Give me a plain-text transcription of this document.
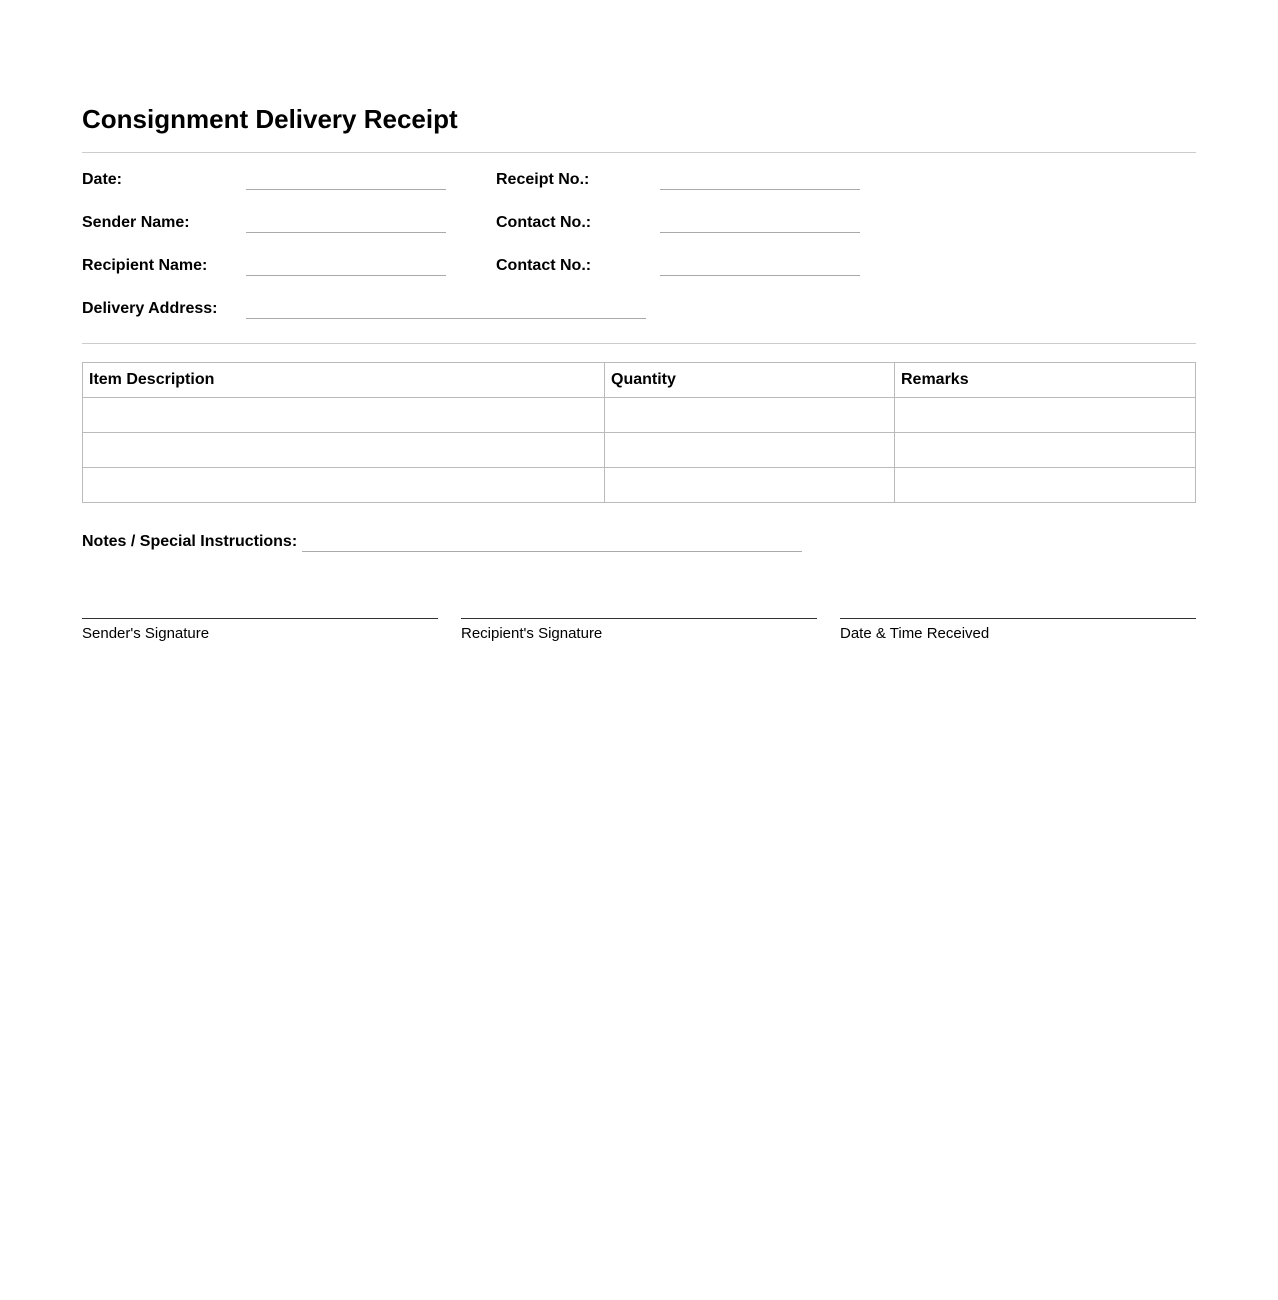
Consignment Delivery Receipt
Date:	Receipt No.:
Sender Name:	Contact No.:
Recipient Name:	Contact No.:
Delivery Address:
Item Description	Quantity	Remarks

Notes / Special Instructions:
Sender's Signature	Recipient's Signature	Date & Time Received
